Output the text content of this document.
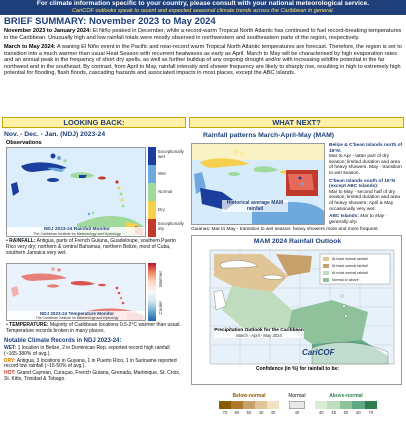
For climate information specific to your country, please consult with your national meteorological service.
CariCOF outlooks speak to recent and expected seasonal climate trends across the Caribbean in general.
BRIEF SUMMARY: November 2023 to May 2024

November 2023 to January 2024: El Niño peaked in December, while a record-warm Tropical North Atlantic has continued to fuel record-breaking temperatures in the Caribbean. Unusually high and low rainfall totals were mostly observed in northwestern and southeastern parts of the region, respectively.

March to May 2024: A waning El Niño event in the Pacific and near-record warm Tropical North Atlantic temperatures are forecast. Therefore, the region is set to transition into a much warmer than usual Heat Season with recurrent heatwaves as early as April. March to May will be characterised by high evaporation rates and an annual peak in the frequency of short dry spells, as well as further buildup of any ongoing drought and/or with increasing wildfire potential in the far northwest and in the southeast. By contrast, from April to May, rainfall intensity and shower frequency are likely to sharply rise, resulting in high to extremely high potential for flooding, flash floods, cascading hazards and associated impacts in most places, except the ABC Islands.

LOOKING BACK:	WHAT NEXT?
Nov. - Dec. - Jan. (NDJ) 2023-24
Observations
NDJ 2023-24 Rainfall Monitor
The Caribbean Institute for Meteorology and Hydrology
Exceptionally wet
Wet
Normal
Dry
Exceptionally dry
• RAINFALL: Antigua, parts of French Guiana, Guadeloupe, southern Puerto Rico very dry; northern & central Bahamas, northern Belize, most of Cuba, southern Jamaica very wet.
NDJ 2023-24 Temperature Monitor
The Caribbean Institute for Meteorology and Hydrology
Warmer
Cooler
• TEMPERATURE: Majority of Caribbean locations 0.5-2°C warmer than usual. Temperature records broken in many places.
Notable Climate Records in NDJ 2023-24:
WET: 1 location in Belize, 2 in Dominican Rep. reported record high rainfall (~165-380% of avg.).
DRY: Antigua, 3 locations in Guyana, 1 in Puerto Rico, 1 in Suriname reported record low rainfall (~15-50% of avg.).
HOT: Grand Cayman, Curaçao, French Guiana, Grenada, Martinique, St. Croix, St. Kitts, Trinidad & Tobago.
Rainfall patterns March-April-May (MAM)
Historical average MAM rainfall
Belize & C'bean Islands north of 16°N:
Mar to Apr - latter part of dry season; limited duration and area of heavy showers. May - transition to wet season.
C'bean Islands south of 16°N (except ABC Islands):
Mar to May - second half of dry season; limited duration and area of heavy showers; April & May occasionally very wet.
ABC Islands: Mar to May - generally dry.
Guianas: Mar to May - transition to wet season: heavy showers more and more frequent.
MAM 2024 Rainfall Outlook
At least normal rainfall
At least normal rainfall
At most normal rainfall
Normal or above
Precipitation Outlook for the Caribbean
March - April - May 2024
CariCOF
Confidence (in %) for rainfall to be:
Below-normal	Normal	Above-normal
70	60	50	40	40	40	40	45	50	60	70
